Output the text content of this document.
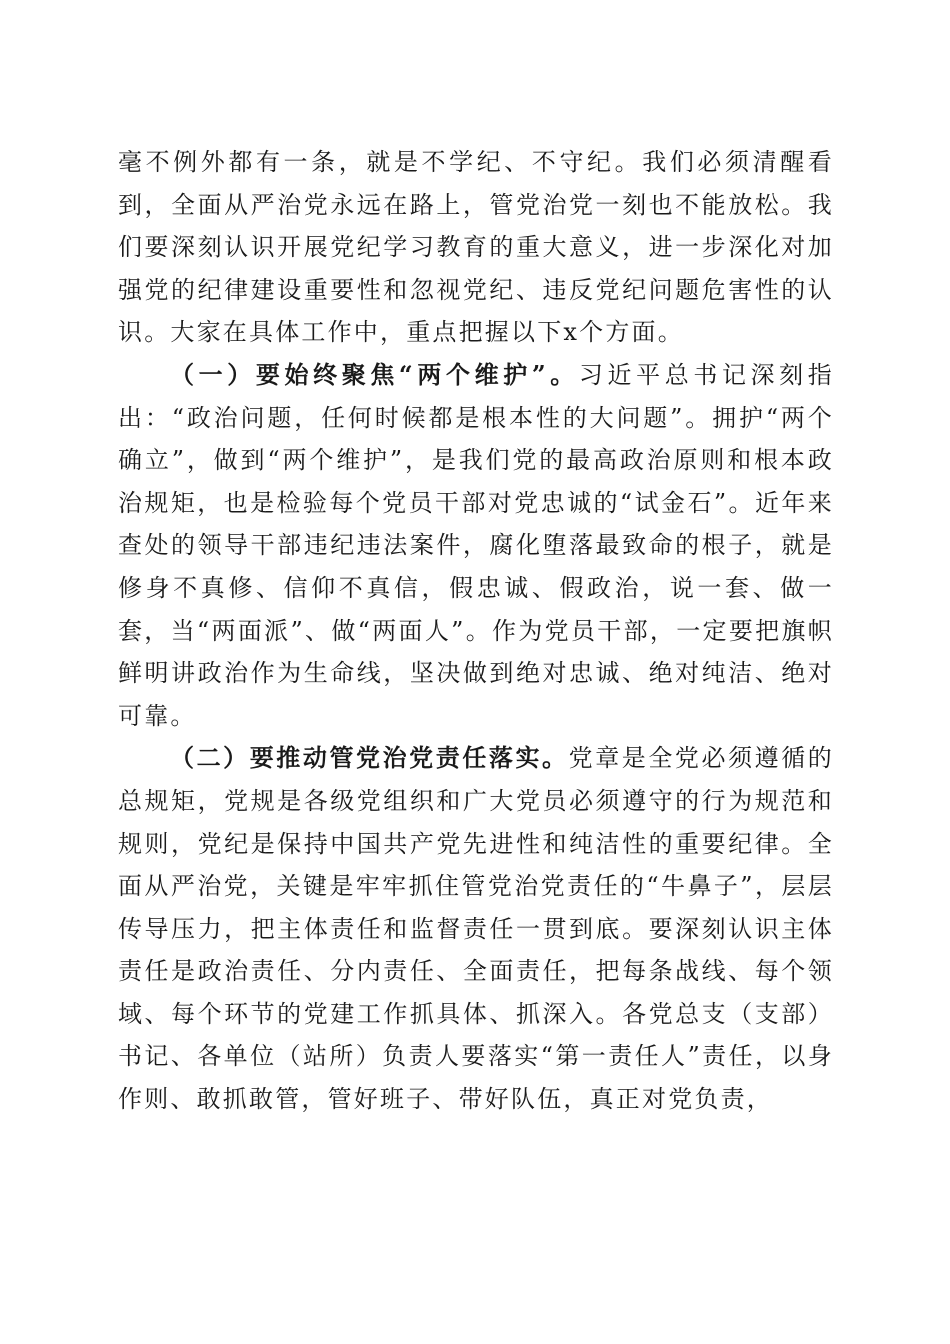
毫不例外都有一条，就是不学纪、不守纪。我们必须清醒看到，全面从严治党永远在路上，管党治党一刻也不能放松。我们要深刻认识开展党纪学习教育的重大意义，进一步深化对加强党的纪律建设重要性和忽视党纪、违反党纪问题危害性的认识。大家在具体工作中，重点把握以下x个方面。

（一）要始终聚焦“两个维护”。习近平总书记深刻指出：“政治问题，任何时候都是根本性的大问题”。拥护“两个确立”，做到“两个维护”，是我们党的最高政治原则和根本政治规矩，也是检验每个党员干部对党忠诚的“试金石”。近年来查处的领导干部违纪违法案件，腐化堕落最致命的根子，就是修身不真修、信仰不真信，假忠诚、假政治，说一套、做一套，当“两面派”、做“两面人”。作为党员干部，一定要把旗帜鲜明讲政治作为生命线，坚决做到绝对忠诚、绝对纯洁、绝对可靠。

（二）要推动管党治党责任落实。党章是全党必须遵循的总规矩，党规是各级党组织和广大党员必须遵守的行为规范和规则，党纪是保持中国共产党先进性和纯洁性的重要纪律。全面从严治党，关键是牢牢抓住管党治党责任的“牛鼻子”，层层传导压力，把主体责任和监督责任一贯到底。要深刻认识主体责任是政治责任、分内责任、全面责任，把每条战线、每个领域、每个环节的党建工作抓具体、抓深入。各党总支（支部）书记、各单位（站所）负责人要落实“第一责任人”责任，以身作则、敢抓敢管，管好班子、带好队伍，真正对党负责，
